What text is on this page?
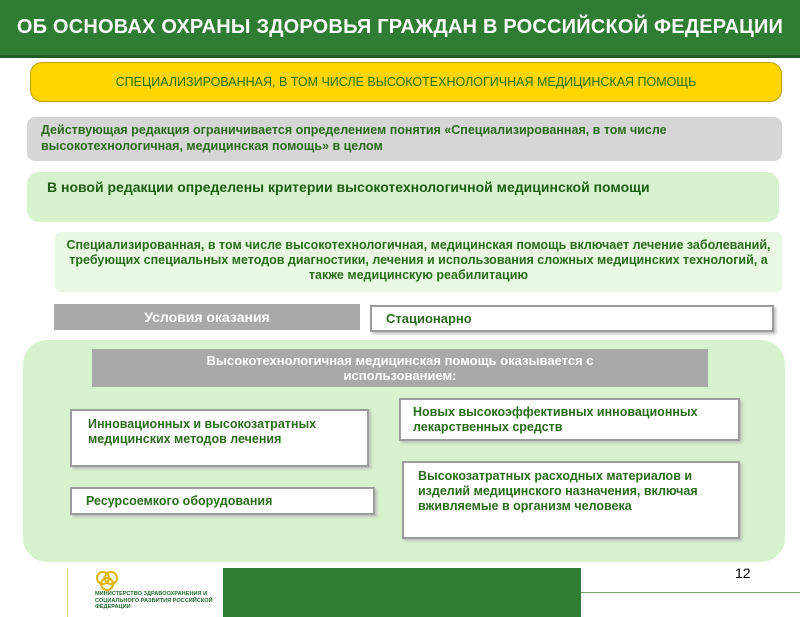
ОБ ОСНОВАХ ОХРАНЫ ЗДОРОВЬЯ ГРАЖДАН В РОССИЙСКОЙ ФЕДЕРАЦИИ
СПЕЦИАЛИЗИРОВАННАЯ, В ТОМ ЧИСЛЕ ВЫСОКОТЕХНОЛОГИЧНАЯ МЕДИЦИНСКАЯ ПОМОЩЬ
Действующая редакция ограничивается определением понятия «Специализированная, в том числе высокотехнологичная, медицинская помощь» в целом
В новой редакции определены критерии высокотехнологичной медицинской помощи
Специализированная, в том числе высокотехнологичная, медицинская помощь включает лечение заболеваний, требующих специальных методов диагностики, лечения и использования сложных медицинских технологий, а также медицинскую реабилитацию
Условия оказания	Стационарно
Высокотехнологичная медицинская помощь оказывается с использованием:
Инновационных и высокозатратных медицинских методов лечения
Новых высокоэффективных инновационных лекарственных средств
Ресурсоемкого оборудования
Высокозатратных расходных материалов и изделий медицинского назначения, включая вживляемые в организм человека
МИНИСТЕРСТВО ЗДРАВООХРАНЕНИЯ И СОЦИАЛЬНОГО РАЗВИТИЯ РОССИЙСКОЙ ФЕДЕРАЦИИ
12
